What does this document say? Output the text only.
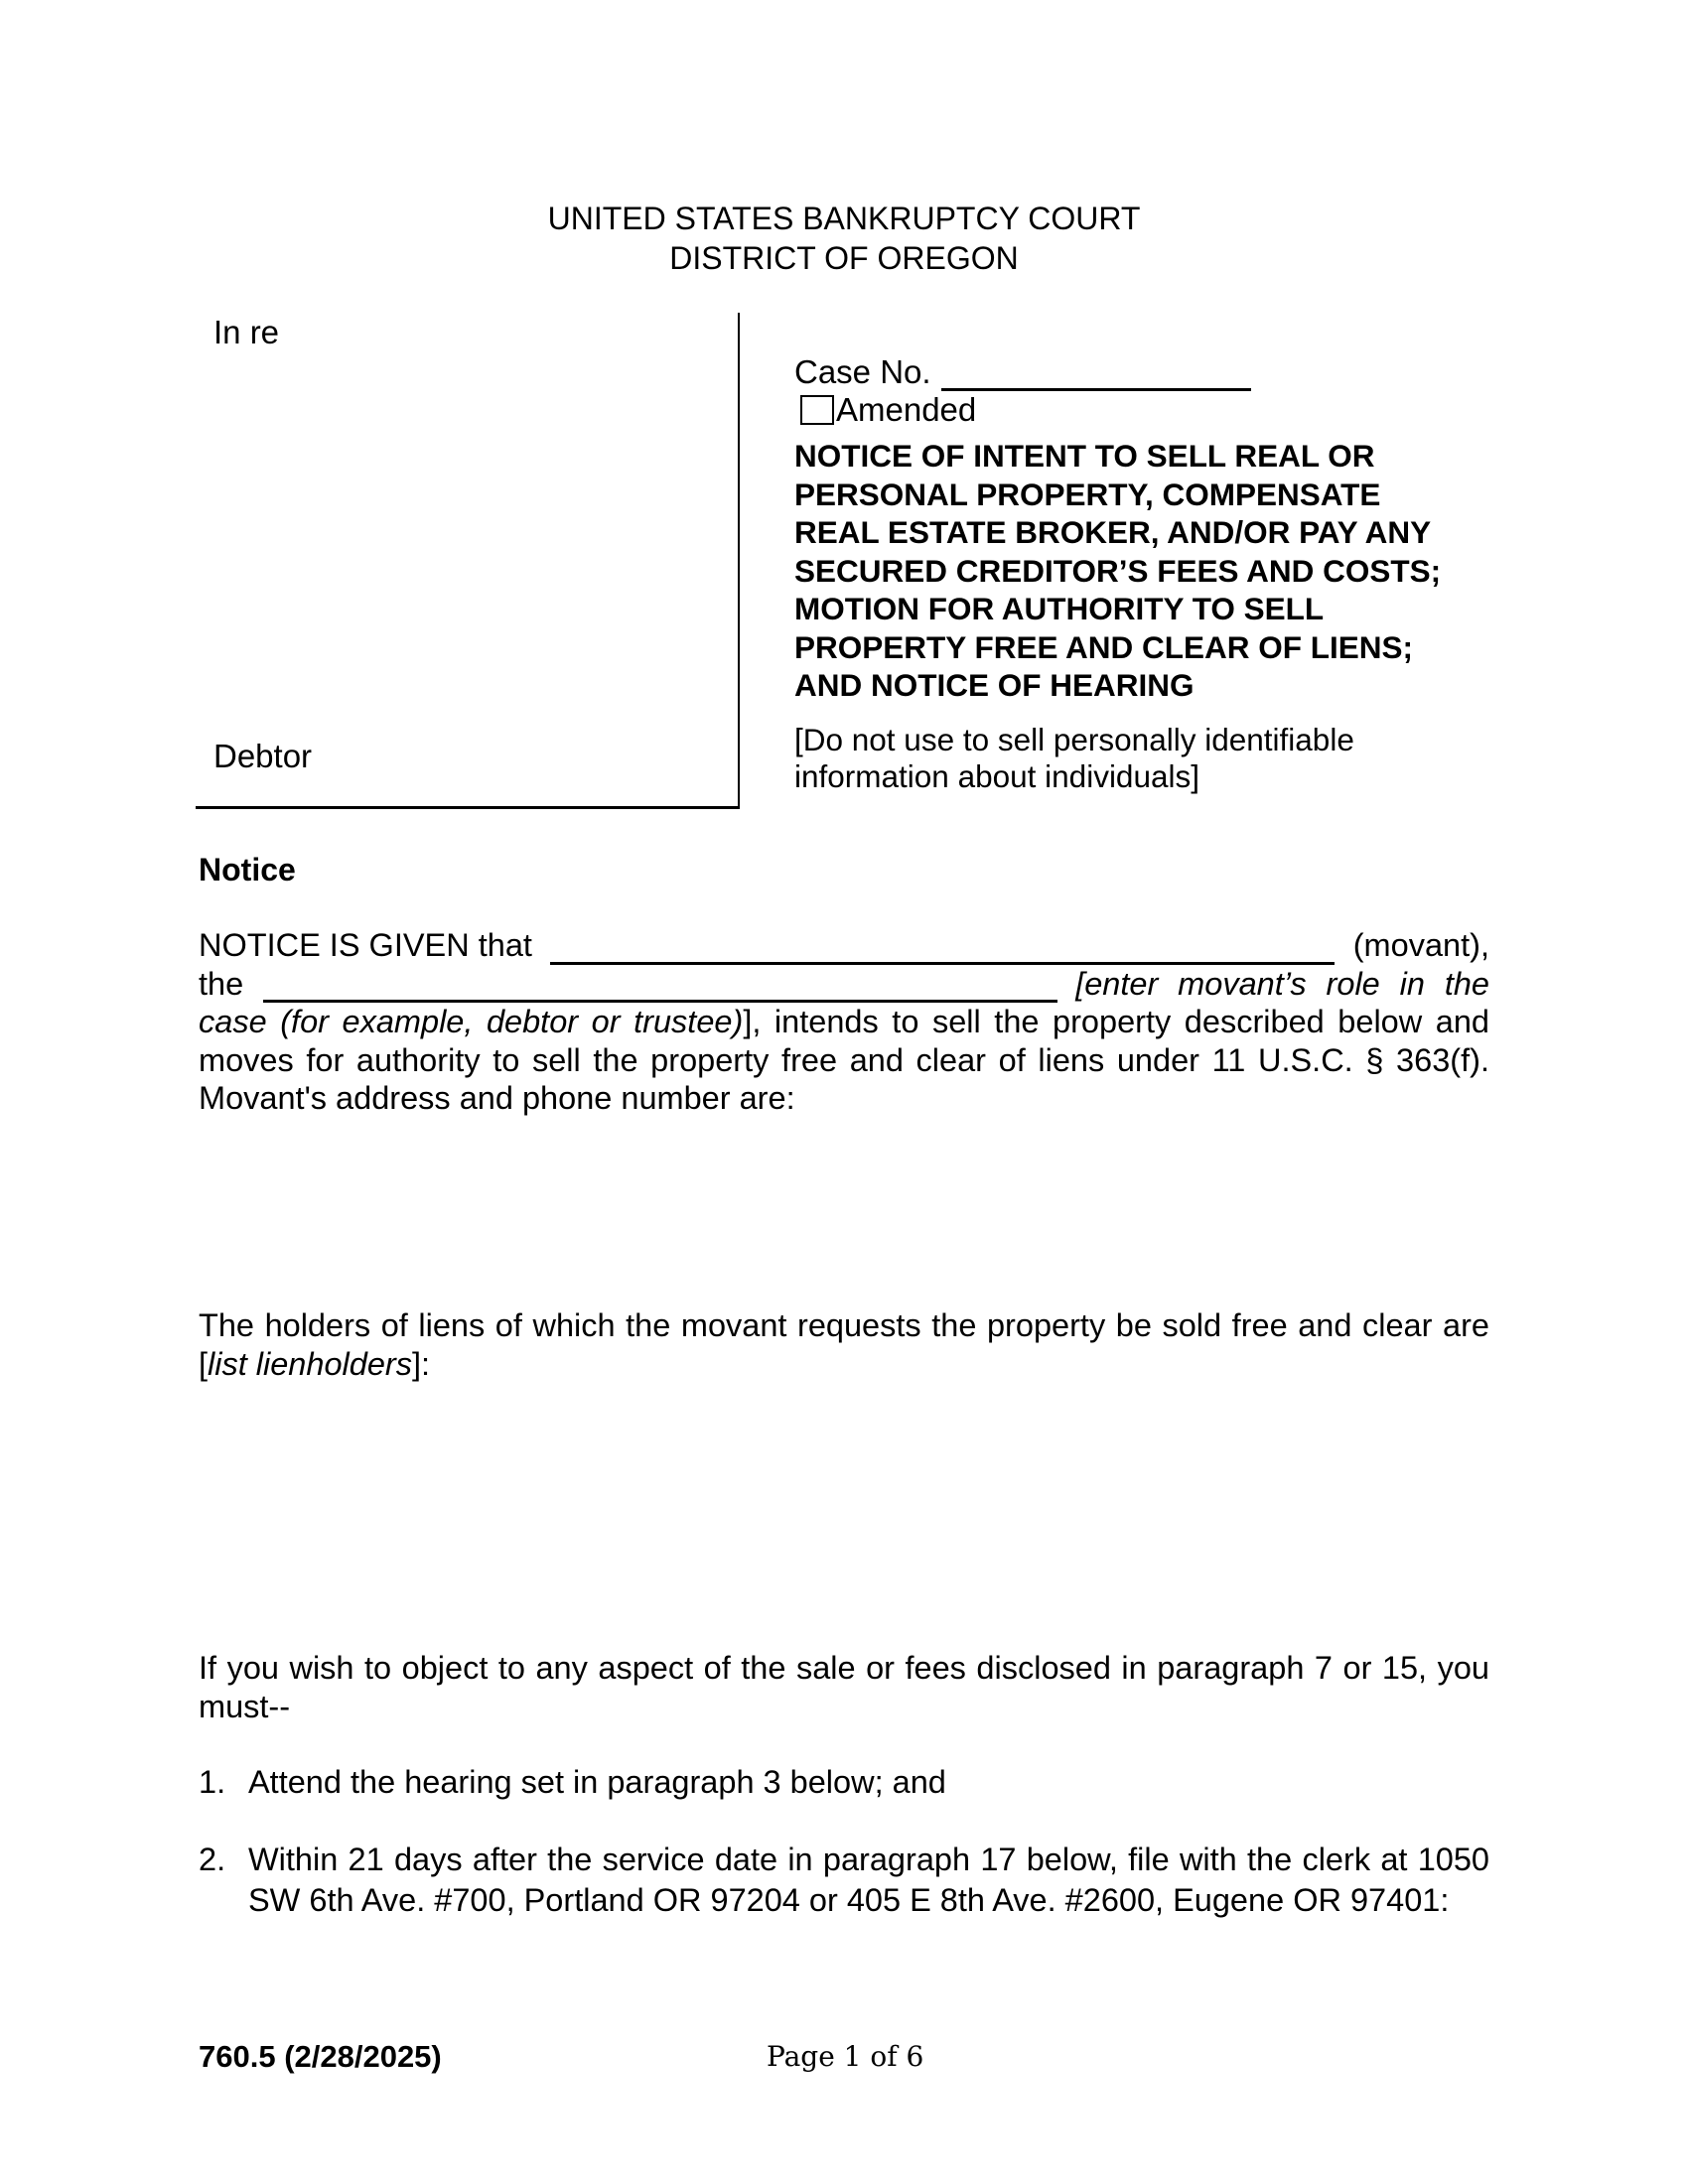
UNITED STATES BANKRUPTCY COURT
DISTRICT OF OREGON
In re
Debtor
Case No.
Amended
NOTICE OF INTENT TO SELL REAL OR PERSONAL PROPERTY, COMPENSATE REAL ESTATE BROKER, AND/OR PAY ANY SECURED CREDITOR’S FEES AND COSTS; MOTION FOR AUTHORITY TO SELL PROPERTY FREE AND CLEAR OF LIENS; AND NOTICE OF HEARING
[Do not use to sell personally identifiable information about individuals]
Notice
NOTICE IS GIVEN that	(movant),
the	[enter movant’s role in the
case (for example, debtor or trustee)], intends to sell the property described below and moves for authority to sell the property free and clear of liens under 11 U.S.C. § 363(f). Movant's address and phone number are:
The holders of liens of which the movant requests the property be sold free and clear are [list lienholders]:
If you wish to object to any aspect of the sale or fees disclosed in paragraph 7 or 15, you must--
1. Attend the hearing set in paragraph 3 below; and
2. Within 21 days after the service date in paragraph 17 below, file with the clerk at 1050 SW 6th Ave. #700, Portland OR 97204 or 405 E 8th Ave. #2600, Eugene OR 97401:
760.5 (2/28/2025)	Page 1 of 6
